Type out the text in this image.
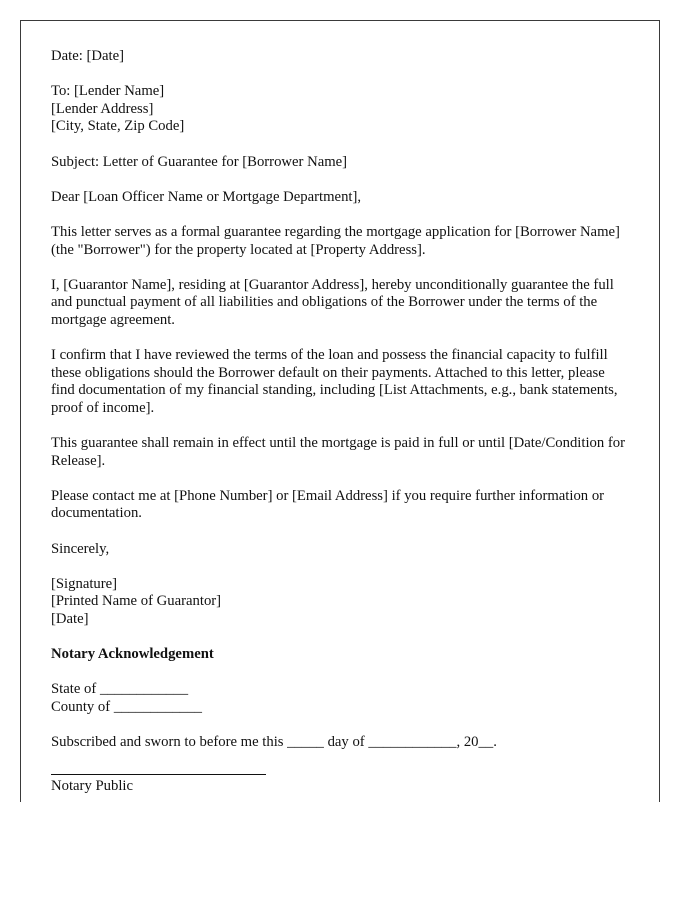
Date: [Date]

To: [Lender Name]
[Lender Address]
[City, State, Zip Code]

Subject: Letter of Guarantee for [Borrower Name]

Dear [Loan Officer Name or Mortgage Department],

This letter serves as a formal guarantee regarding the mortgage application for [Borrower Name] (the "Borrower") for the property located at [Property Address].

I, [Guarantor Name], residing at [Guarantor Address], hereby unconditionally guarantee the full and punctual payment of all liabilities and obligations of the Borrower under the terms of the mortgage agreement.

I confirm that I have reviewed the terms of the loan and possess the financial capacity to fulfill these obligations should the Borrower default on their payments. Attached to this letter, please find documentation of my financial standing, including [List Attachments, e.g., bank statements, proof of income].

This guarantee shall remain in effect until the mortgage is paid in full or until [Date/Condition for Release].

Please contact me at [Phone Number] or [Email Address] if you require further information or documentation.

Sincerely,

[Signature]
[Printed Name of Guarantor]
[Date]

Notary Acknowledgement

State of ____________
County of ____________

Subscribed and sworn to before me this _____ day of ____________, 20__.

Notary Public
